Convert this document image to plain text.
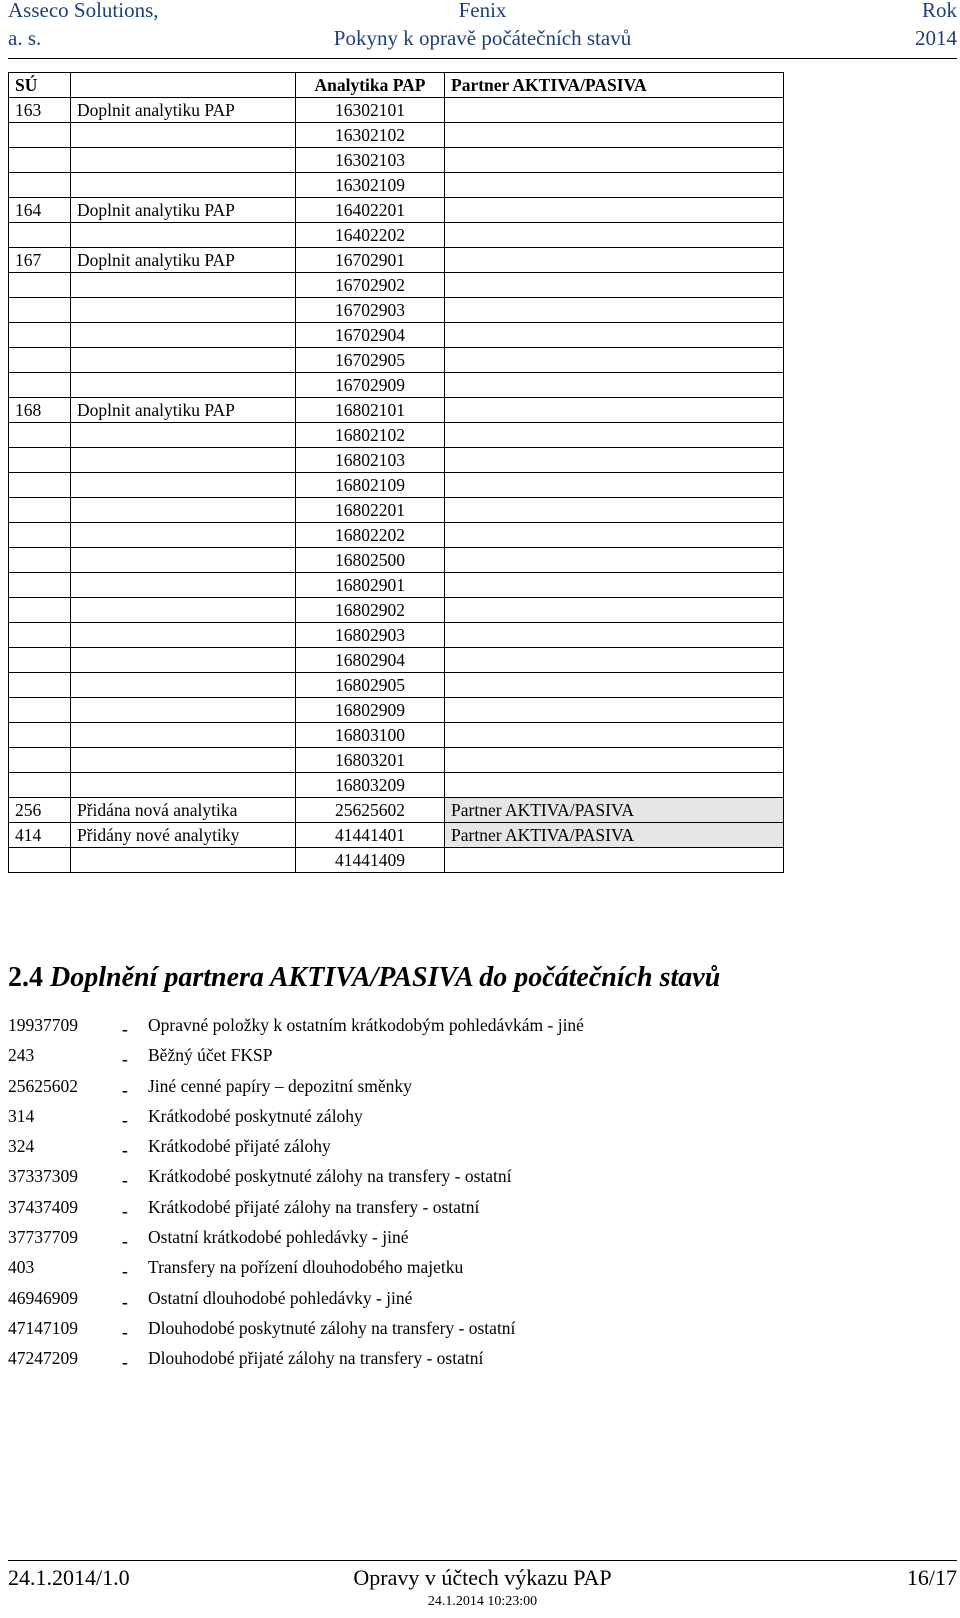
Asseco Solutions,	Fenix	Rok
a. s.	Pokyny k opravě počátečních stavů	2014
SÚ		Analytika PAP	Partner AKTIVA/PASIVA
163	Doplnit analytiku PAP	16302101	
		16302102	
		16302103	
		16302109	
164	Doplnit analytiku PAP	16402201	
		16402202	
167	Doplnit analytiku PAP	16702901	
		16702902	
		16702903	
		16702904	
		16702905	
		16702909	
168	Doplnit analytiku PAP	16802101	
		16802102	
		16802103	
		16802109	
		16802201	
		16802202	
		16802500	
		16802901	
		16802902	
		16802903	
		16802904	
		16802905	
		16802909	
		16803100	
		16803201	
		16803209	
256	Přidána nová analytika	25625602	Partner AKTIVA/PASIVA
414	Přidány nové analytiky	41441401	Partner AKTIVA/PASIVA
		41441409	
2.4 Doplnění partnera AKTIVA/PASIVA do počátečních stavů
19937709	- Opravné položky k ostatním krátkodobým pohledávkám - jiné
243	- Běžný účet FKSP
25625602	- Jiné cenné papíry – depozitní směnky
314	- Krátkodobé poskytnuté zálohy
324	- Krátkodobé přijaté zálohy
37337309	- Krátkodobé poskytnuté zálohy na transfery - ostatní
37437409	- Krátkodobé přijaté zálohy na transfery - ostatní
37737709	- Ostatní krátkodobé pohledávky - jiné
403	- Transfery na pořízení dlouhodobého majetku
46946909	- Ostatní dlouhodobé pohledávky - jiné
47147109	- Dlouhodobé poskytnuté zálohy na transfery - ostatní
47247209	- Dlouhodobé přijaté zálohy na transfery - ostatní
24.1.2014/1.0	Opravy v účtech výkazu PAP	16/17
24.1.2014 10:23:00
